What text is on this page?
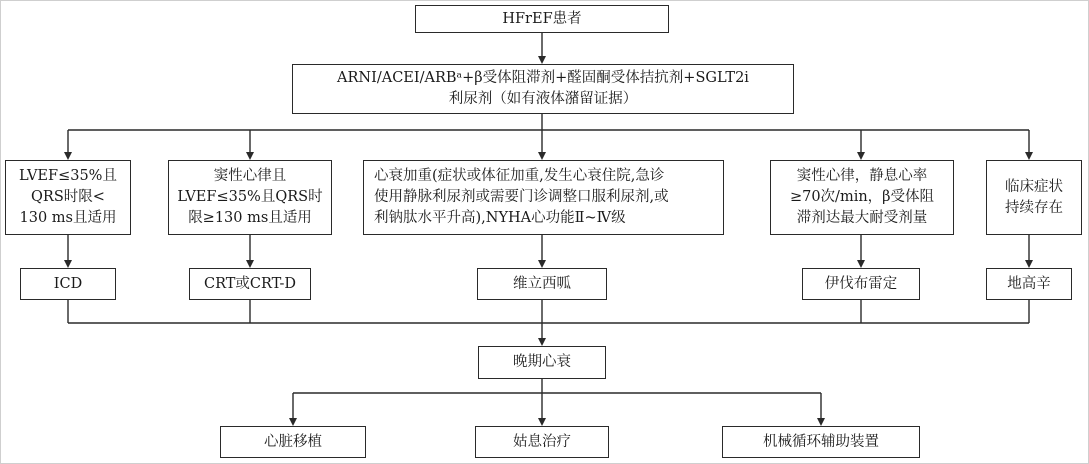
HFrEF患者
ARNI/ACEI/ARBᵃ+β受体阻滞剂+醛固酮受体拮抗剂+SGLT2i
利尿剂（如有液体潴留证据）
LVEF≤35%且
QRS时限<
130 ms且适用
窦性心律且
LVEF≤35%且QRS时
限≥130 ms且适用
心衰加重(症状或体征加重,发生心衰住院,急诊
使用静脉利尿剂或需要门诊调整口服利尿剂,或
利钠肽水平升高),NYHA心功能Ⅱ~Ⅳ级
窦性心律，静息心率
≥70次/min，β受体阻
滞剂达最大耐受剂量
临床症状
持续存在
ICD	CRT或CRT-D	维立西呱	伊伐布雷定	地高辛
晚期心衰
心脏移植	姑息治疗	机械循环辅助装置
